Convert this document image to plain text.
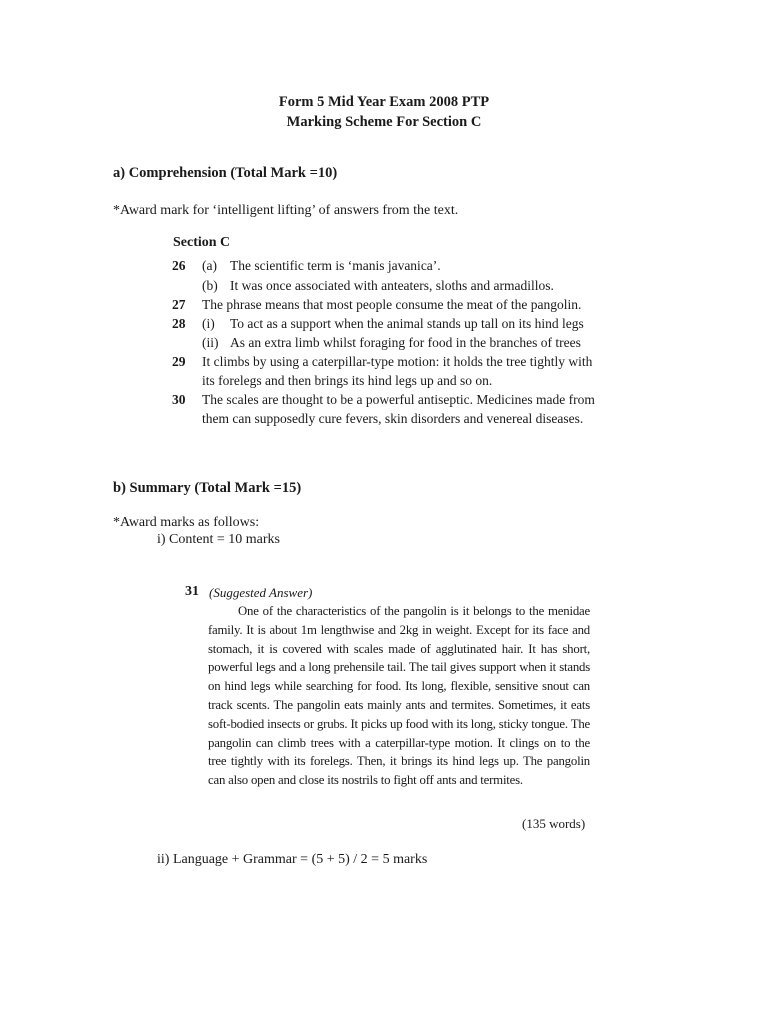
Form 5 Mid Year Exam 2008 PTP
Marking Scheme For Section C
a) Comprehension (Total Mark =10)
*Award mark for ‘intelligent lifting’ of answers from the text.
Section C
26	(a) The scientific term is ‘manis javanica’.
(b) It was once associated with anteaters, sloths and armadillos.
27	The phrase means that most people consume the meat of the pangolin.
28	(i)	To act as a support when the animal stands up tall on its hind legs
(ii) As an extra limb whilst foraging for food in the branches of trees
29	It climbs by using a caterpillar-type motion: it holds the tree tightly with
its forelegs and then brings its hind legs up and so on.
30	The scales are thought to be a powerful antiseptic. Medicines made from
them can supposedly cure fevers, skin disorders and venereal diseases.
b) Summary (Total Mark =15)
*Award marks as follows:
i) Content = 10 marks
31 (Suggested Answer)
One of the characteristics of the pangolin is it belongs to the menidae family. It is about 1m lengthwise and 2kg in weight. Except for its face and stomach, it is covered with scales made of agglutinated hair. It has short, powerful legs and a long prehensile tail. The tail gives support when it stands on hind legs while searching for food. Its long, flexible, sensitive snout can track scents. The pangolin eats mainly ants and termites. Sometimes, it eats soft-bodied insects or grubs. It picks up food with its long, sticky tongue. The pangolin can climb trees with a caterpillar-type motion. It clings on to the tree tightly with its forelegs. Then, it brings its hind legs up. The pangolin can also open and close its nostrils to fight off ants and termites.
(135 words)
ii) Language + Grammar = (5 + 5) / 2 = 5 marks
